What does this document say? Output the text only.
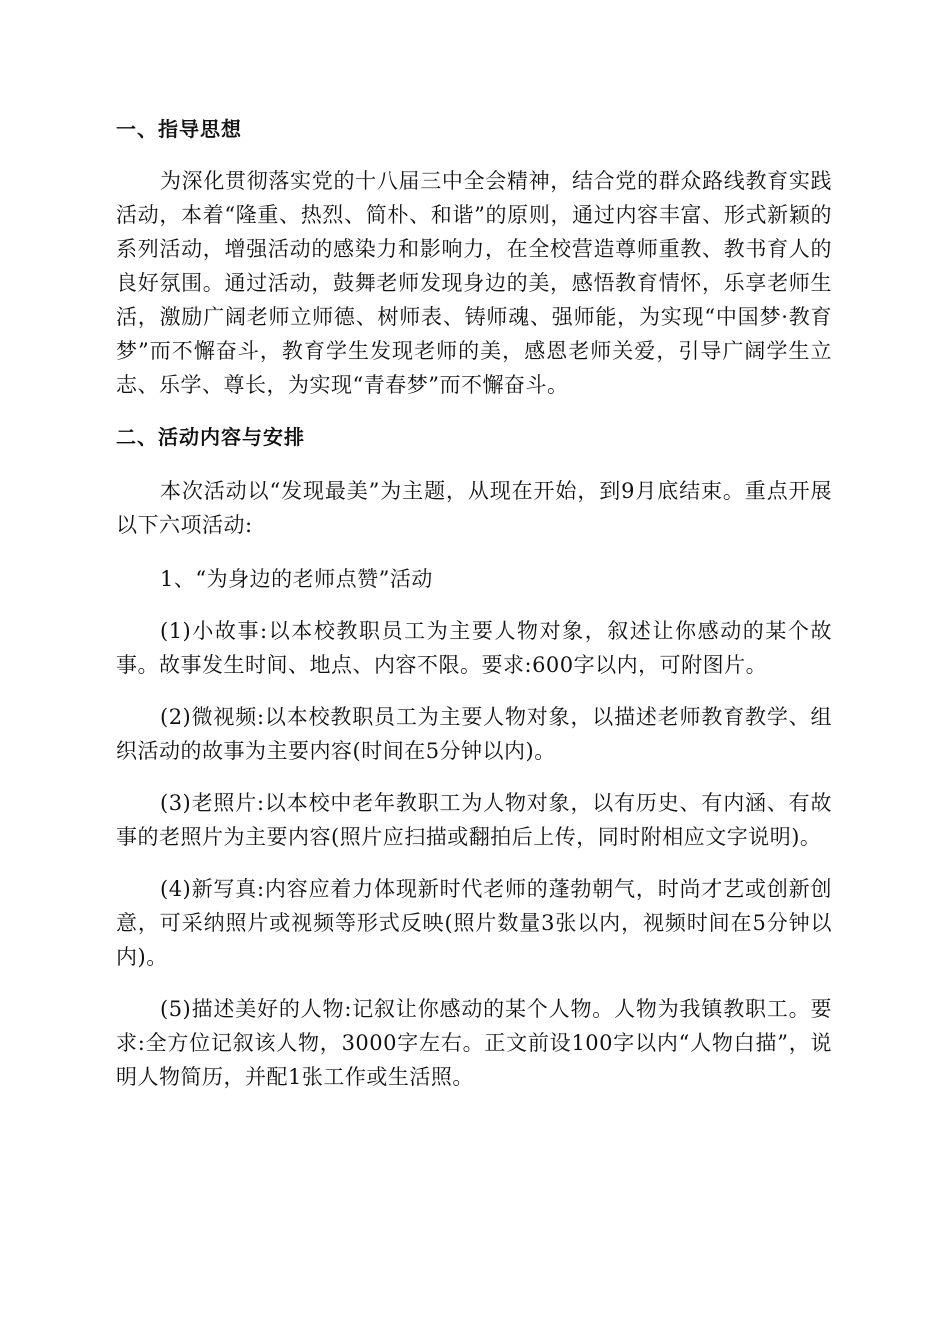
一、指导思想

为深化贯彻落实党的十八届三中全会精神，结合党的群众路线教育实践活动，本着“隆重、热烈、简朴、和谐”的原则，通过内容丰富、形式新颖的系列活动，增强活动的感染力和影响力，在全校营造尊师重教、教书育人的良好氛围。通过活动，鼓舞老师发现身边的美，感悟教育情怀，乐享老师生活，激励广阔老师立师德、树师表、铸师魂、强师能，为实现“中国梦·教育梦”而不懈奋斗，教育学生发现老师的美，感恩老师关爱，引导广阔学生立志、乐学、尊长，为实现“青春梦”而不懈奋斗。

二、活动内容与安排

本次活动以“发现最美”为主题，从现在开始，到9月底结束。重点开展以下六项活动:

1、“为身边的老师点赞”活动

(1)小故事:以本校教职员工为主要人物对象，叙述让你感动的某个故事。故事发生时间、地点、内容不限。要求:600字以内，可附图片。

(2)微视频:以本校教职员工为主要人物对象，以描述老师教育教学、组织活动的故事为主要内容(时间在5分钟以内)。

(3)老照片:以本校中老年教职工为人物对象，以有历史、有内涵、有故事的老照片为主要内容(照片应扫描或翻拍后上传，同时附相应文字说明)。

(4)新写真:内容应着力体现新时代老师的蓬勃朝气，时尚才艺或创新创意，可采纳照片或视频等形式反映(照片数量3张以内，视频时间在5分钟以内)。

(5)描述美好的人物:记叙让你感动的某个人物。人物为我镇教职工。要求:全方位记叙该人物，3000字左右。正文前设100字以内“人物白描”，说明人物简历，并配1张工作或生活照。
